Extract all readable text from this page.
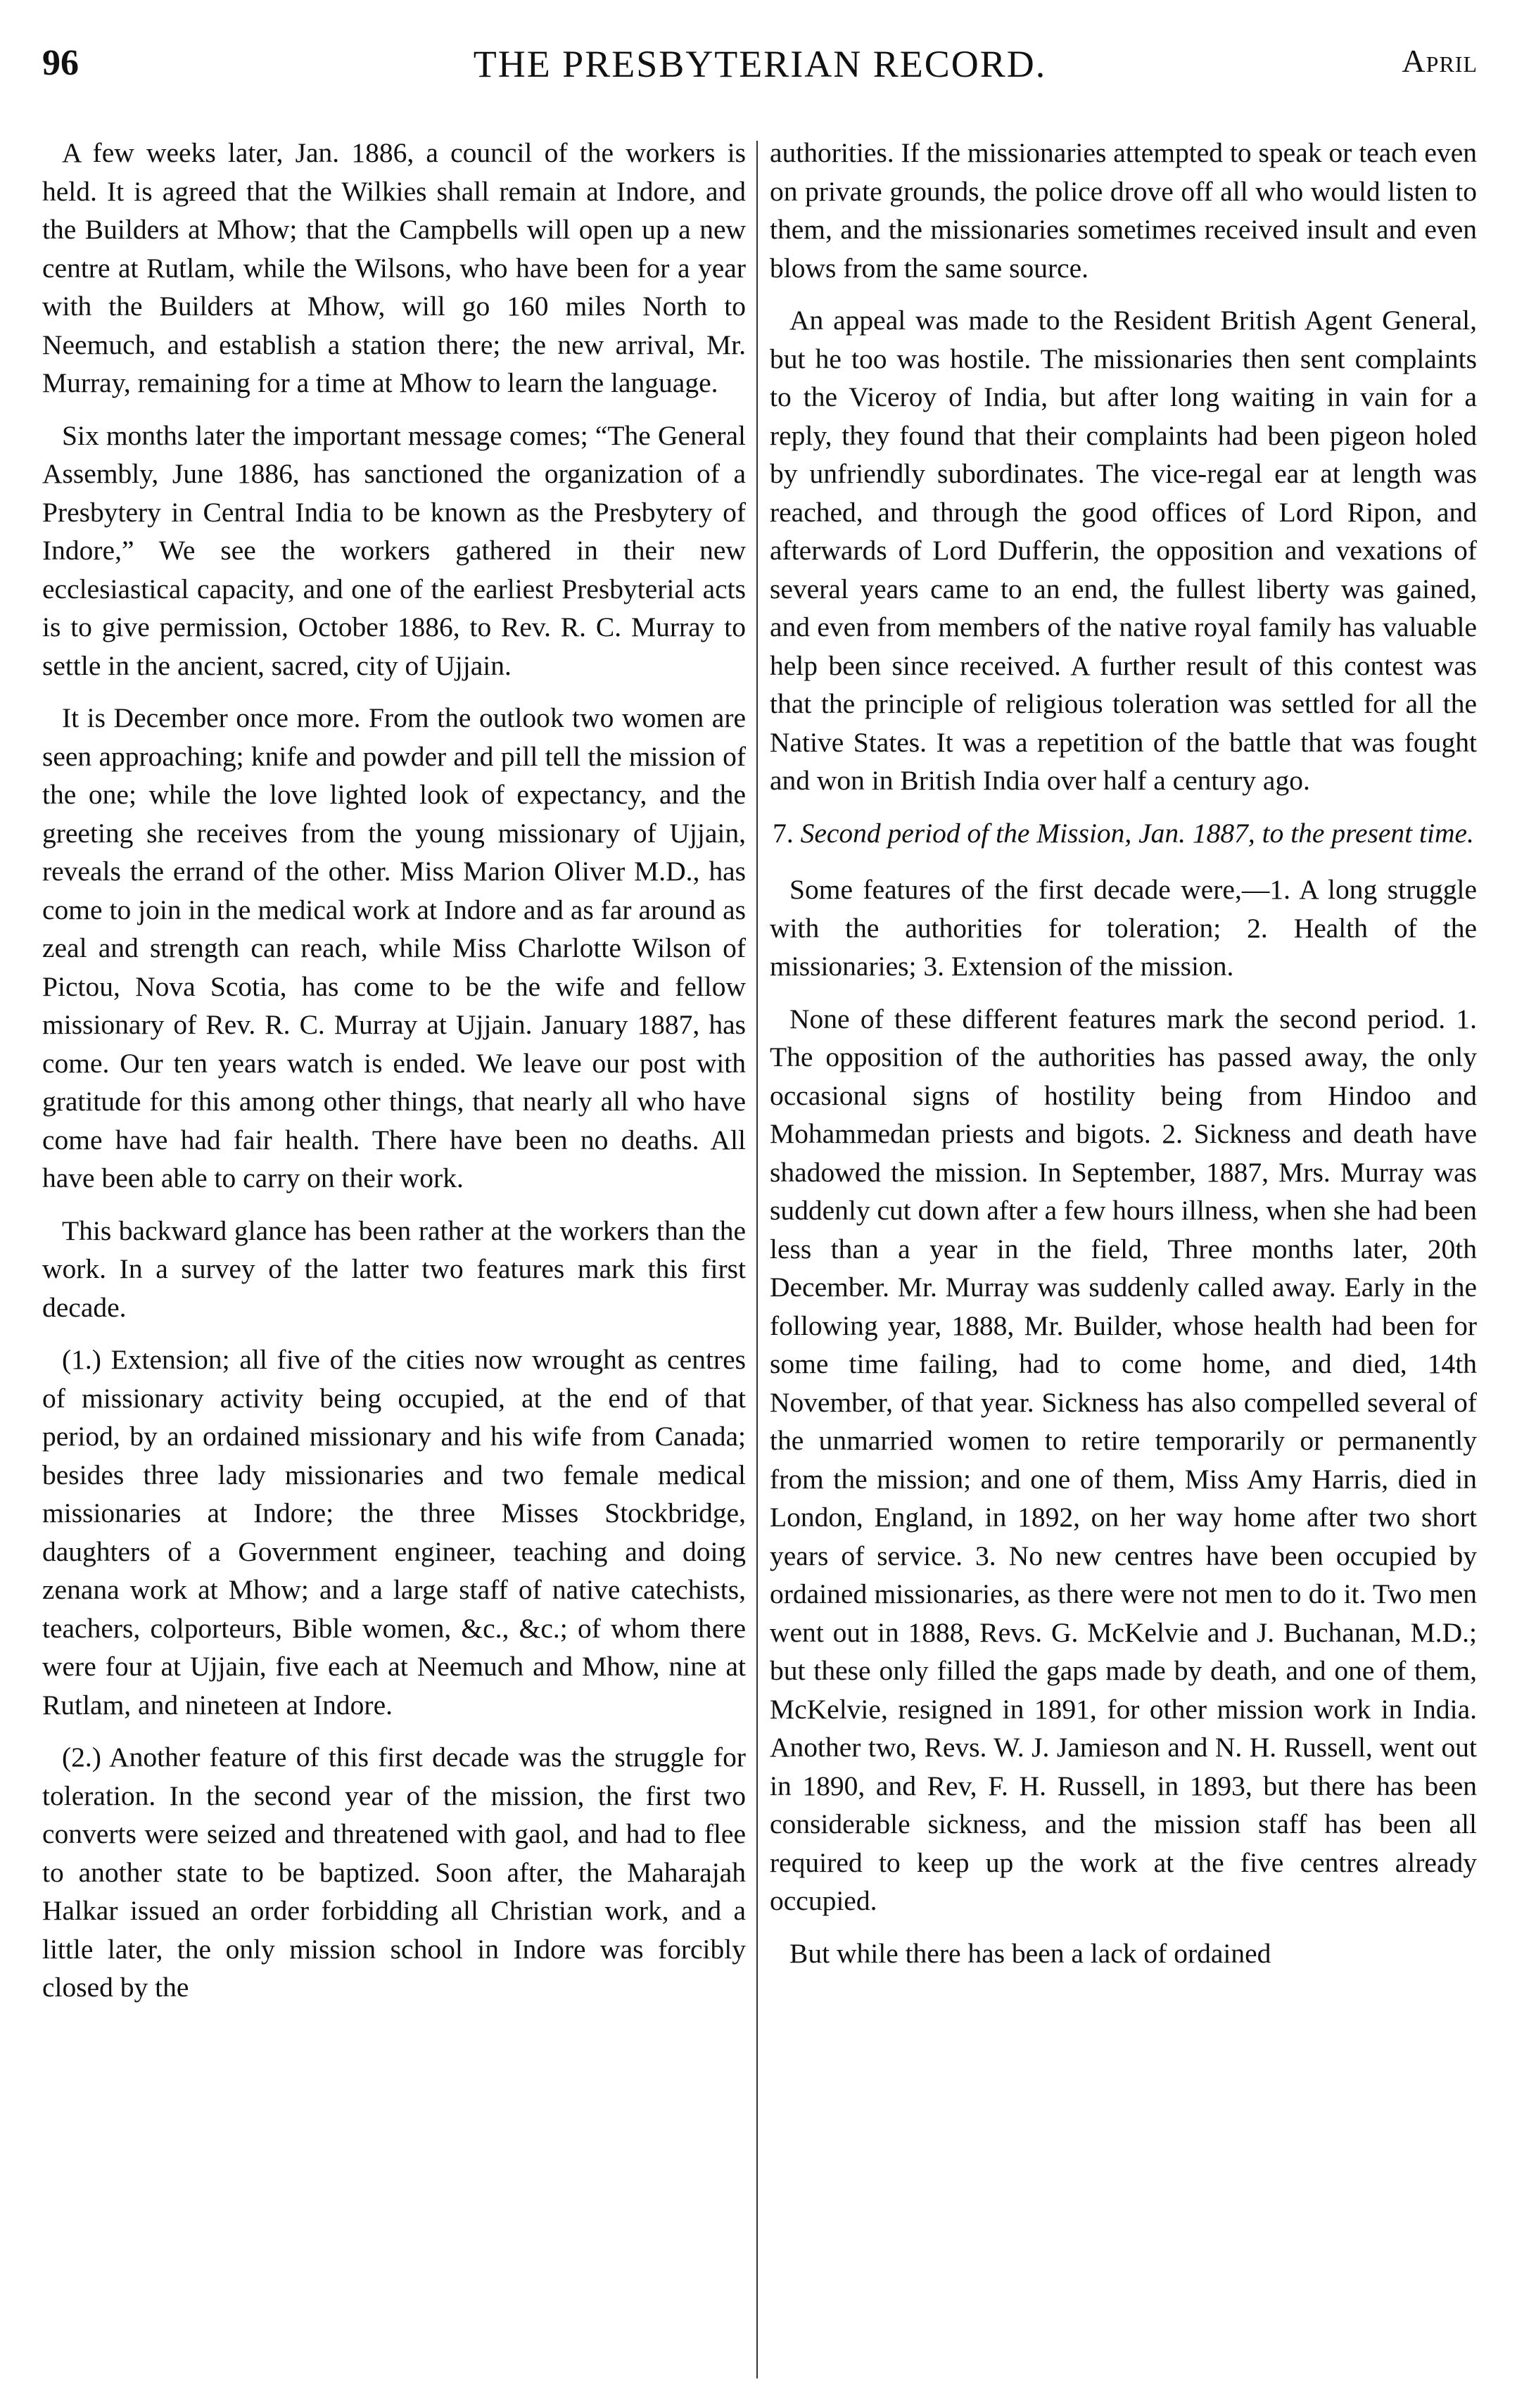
96	THE PRESBYTERIAN RECORD.	April

A few weeks later, Jan. 1886, a council of the workers is held. It is agreed that the Wilkies shall remain at Indore, and the Builders at Mhow; that the Campbells will open up a new centre at Rutlam, while the Wilsons, who have been for a year with the Builders at Mhow, will go 160 miles North to Neemuch, and establish a station there; the new arrival, Mr. Murray, remaining for a time at Mhow to learn the language.

Six months later the important message comes; “The General Assembly, June 1886, has sanctioned the organization of a Presbytery in Central India to be known as the Presbytery of Indore,” We see the workers gathered in their new ecclesiastical capacity, and one of the earliest Presbyterial acts is to give permission, October 1886, to Rev. R. C. Murray to settle in the ancient, sacred, city of Ujjain.

It is December once more. From the outlook two women are seen approaching; knife and powder and pill tell the mission of the one; while the love lighted look of expectancy, and the greeting she receives from the young missionary of Ujjain, reveals the errand of the other. Miss Marion Oliver M.D., has come to join in the medical work at Indore and as far around as zeal and strength can reach, while Miss Charlotte Wilson of Pictou, Nova Scotia, has come to be the wife and fellow missionary of Rev. R. C. Murray at Ujjain. January 1887, has come. Our ten years watch is ended. We leave our post with gratitude for this among other things, that nearly all who have come have had fair health. There have been no deaths. All have been able to carry on their work.

This backward glance has been rather at the workers than the work. In a survey of the latter two features mark this first decade.

(1.) Extension; all five of the cities now wrought as centres of missionary activity being occupied, at the end of that period, by an ordained missionary and his wife from Canada; besides three lady missionaries and two female medical missionaries at Indore; the three Misses Stockbridge, daughters of a Government engineer, teaching and doing zenana work at Mhow; and a large staff of native catechists, teachers, colporteurs, Bible women, &c., &c.; of whom there were four at Ujjain, five each at Neemuch and Mhow, nine at Rutlam, and nineteen at Indore.

(2.) Another feature of this first decade was the struggle for toleration. In the second year of the mission, the first two converts were seized and threatened with gaol, and had to flee to another state to be baptized. Soon after, the Maharajah Halkar issued an order forbidding all Christian work, and a little later, the only mission school in Indore was forcibly closed by the

authorities. If the missionaries attempted to speak or teach even on private grounds, the police drove off all who would listen to them, and the missionaries sometimes received insult and even blows from the same source.

An appeal was made to the Resident British Agent General, but he too was hostile. The missionaries then sent complaints to the Viceroy of India, but after long waiting in vain for a reply, they found that their complaints had been pigeon holed by unfriendly subordinates. The vice-regal ear at length was reached, and through the good offices of Lord Ripon, and afterwards of Lord Dufferin, the opposition and vexations of several years came to an end, the fullest liberty was gained, and even from members of the native royal family has valuable help been since received. A further result of this contest was that the principle of religious toleration was settled for all the Native States. It was a repetition of the battle that was fought and won in British India over half a century ago.

7. Second period of the Mission, Jan. 1887, to the present time.

Some features of the first decade were,—1. A long struggle with the authorities for toleration; 2. Health of the missionaries; 3. Extension of the mission.

None of these different features mark the second period. 1. The opposition of the authorities has passed away, the only occasional signs of hostility being from Hindoo and Mohammedan priests and bigots. 2. Sickness and death have shadowed the mission. In September, 1887, Mrs. Murray was suddenly cut down after a few hours illness, when she had been less than a year in the field, Three months later, 20th December. Mr. Murray was suddenly called away. Early in the following year, 1888, Mr. Builder, whose health had been for some time failing, had to come home, and died, 14th November, of that year. Sickness has also compelled several of the unmarried women to retire temporarily or permanently from the mission; and one of them, Miss Amy Harris, died in London, England, in 1892, on her way home after two short years of service. 3. No new centres have been occupied by ordained missionaries, as there were not men to do it. Two men went out in 1888, Revs. G. McKelvie and J. Buchanan, M.D.; but these only filled the gaps made by death, and one of them, McKelvie, resigned in 1891, for other mission work in India. Another two, Revs. W. J. Jamieson and N. H. Russell, went out in 1890, and Rev, F. H. Russell, in 1893, but there has been considerable sickness, and the mission staff has been all required to keep up the work at the five centres already occupied.

But while there has been a lack of ordained
